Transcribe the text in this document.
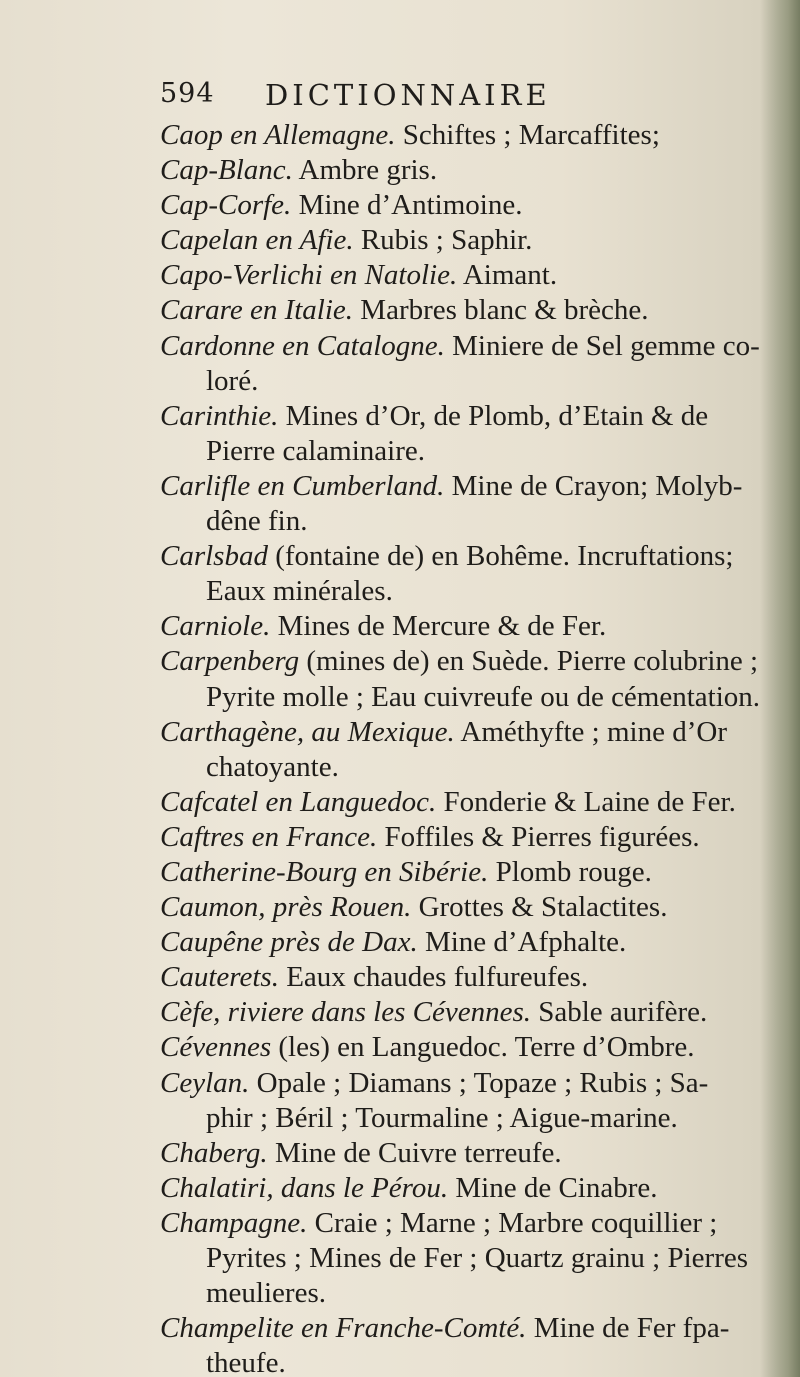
594 DICTIONNAIRE
Caop en Allemagne. Schiftes ; Marcaffites;
Cap-Blanc. Ambre gris.
Cap-Corfe. Mine d’Antimoine.
Capelan en Afie. Rubis ; Saphir.
Capo-Verlichi en Natolie. Aimant.
Carare en Italie. Marbres blanc & brèche.
Cardonne en Catalogne. Miniere de Sel gemme co-
loré.
Carinthie. Mines d’Or, de Plomb, d’Etain & de
Pierre calaminaire.
Carlifle en Cumberland. Mine de Crayon; Molyb-
dêne fin.
Carlsbad (fontaine de) en Bohême. Incruftations;
Eaux minérales.
Carniole. Mines de Mercure & de Fer.
Carpenberg (mines de) en Suède. Pierre colubrine ;
Pyrite molle ; Eau cuivreufe ou de cémentation.
Carthagène, au Mexique. Améthyfte ; mine d’Or
chatoyante.
Cafcatel en Languedoc. Fonderie & Laine de Fer.
Caftres en France. Foffiles & Pierres figurées.
Catherine-Bourg en Sibérie. Plomb rouge.
Caumon, près Rouen. Grottes & Stalactites.
Caupêne près de Dax. Mine d’Afphalte.
Cauterets. Eaux chaudes fulfureufes.
Cèfe, riviere dans les Cévennes. Sable aurifère.
Cévennes (les) en Languedoc. Terre d’Ombre.
Ceylan. Opale ; Diamans ; Topaze ; Rubis ; Sa-
phir ; Béril ; Tourmaline ; Aigue-marine.
Chaberg. Mine de Cuivre terreufe.
Chalatiri, dans le Pérou. Mine de Cinabre.
Champagne. Craie ; Marne ; Marbre coquillier ;
Pyrites ; Mines de Fer ; Quartz grainu ; Pierres
meulieres.
Champelite en Franche-Comté. Mine de Fer fpa-
theufe.
